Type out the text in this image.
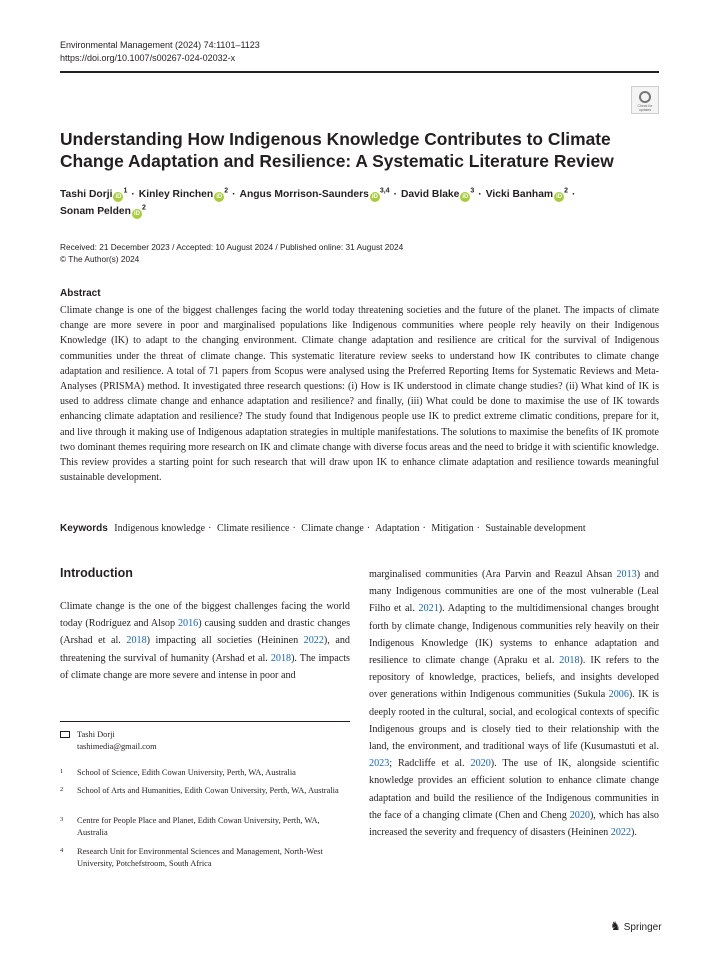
Environmental Management (2024) 74:1101–1123
https://doi.org/10.1007/s00267-024-02032-x
Check for updates
Understanding How Indigenous Knowledge Contributes to Climate Change Adaptation and Resilience: A Systematic Literature Review
Tashi Dorji iD$^1$ · Kinley Rinchen iD$^2$ · Angus Morrison-Saunders iD$^{3,4}$ · David Blake iD$^3$ · Vicki Banham iD$^2$ ·
Sonam Pelden iD$^2$
Received: 21 December 2023 / Accepted: 10 August 2024 / Published online: 31 August 2024
© The Author(s) 2024
Abstract
Climate change is one of the biggest challenges facing the world today threatening societies and the future of the planet. The impacts of climate change are more severe in poor and marginalised populations like Indigenous communities where people rely heavily on their Indigenous Knowledge (IK) to adapt to the changing environment. Climate change adaptation and resilience are critical for the survival of Indigenous communities under the threat of climate change. This systematic literature review seeks to understand how IK contributes to climate change adaptation and resilience. A total of 71 papers from Scopus were analysed using the Preferred Reporting Items for Systematic Reviews and Meta-Analyses (PRISMA) method. It investigated three research questions: (i) How is IK understood in climate change studies? (ii) What kind of IK is used to address climate change and enhance adaptation and resilience? and finally, (iii) What could be done to maximise the use of IK towards enhancing climate adaptation and resilience? The study found that Indigenous people use IK to predict extreme climatic conditions, prepare for it, and live through it making use of Indigenous adaptation strategies in multiple manifestations. The solutions to maximise the benefits of IK promote two dominant themes requiring more research on IK and climate change with diverse focus areas and the need to bridge it with scientific knowledge. This review provides a starting point for such research that will draw upon IK to enhance climate adaptation and resilience towards meaningful sustainable development.
Keywords Indigenous knowledge · Climate resilience · Climate change · Adaptation · Mitigation · Sustainable development
Introduction
Climate change is the one of the biggest challenges facing the world today (Rodríguez and Alsop 2016) causing sudden and drastic changes (Arshad et al. 2018) impacting all societies (Heininen 2022), and threatening the survival of humanity (Arshad et al. 2018). The impacts of climate change are more severe and intense in poor and
marginalised communities (Ara Parvin and Reazul Ahsan 2013) and many Indigenous communities are one of the most vulnerable (Leal Filho et al. 2021). Adapting to the multidimensional changes brought forth by climate change, Indigenous communities rely heavily on their Indigenous Knowledge (IK) systems to enhance adaptation and resilience to climate change (Apraku et al. 2018). IK refers to the repository of knowledge, practices, beliefs, and insights developed over generations within Indigenous communities (Sukula 2006). IK is deeply rooted in the cultural, social, and ecological contexts of specific Indigenous groups and is closely tied to their relationship with the land, the environment, and traditional ways of life (Kusumastuti et al. 2023; Radcliffe et al. 2020). The use of IK, alongside scientific knowledge provides an efficient solution to enhance climate change adaptation and build the resilience of the Indigenous communities in the face of a changing climate (Chen and Cheng 2020), which has also increased the severity and frequency of disasters (Heininen 2022).
Tashi Dorji
tashimedia@gmail.com
1 School of Science, Edith Cowan University, Perth, WA, Australia
2 School of Arts and Humanities, Edith Cowan University, Perth, WA, Australia
3 Centre for People Place and Planet, Edith Cowan University, Perth, WA, Australia
4 Research Unit for Environmental Sciences and Management, North-West University, Potchefstroom, South Africa
♞ Springer
